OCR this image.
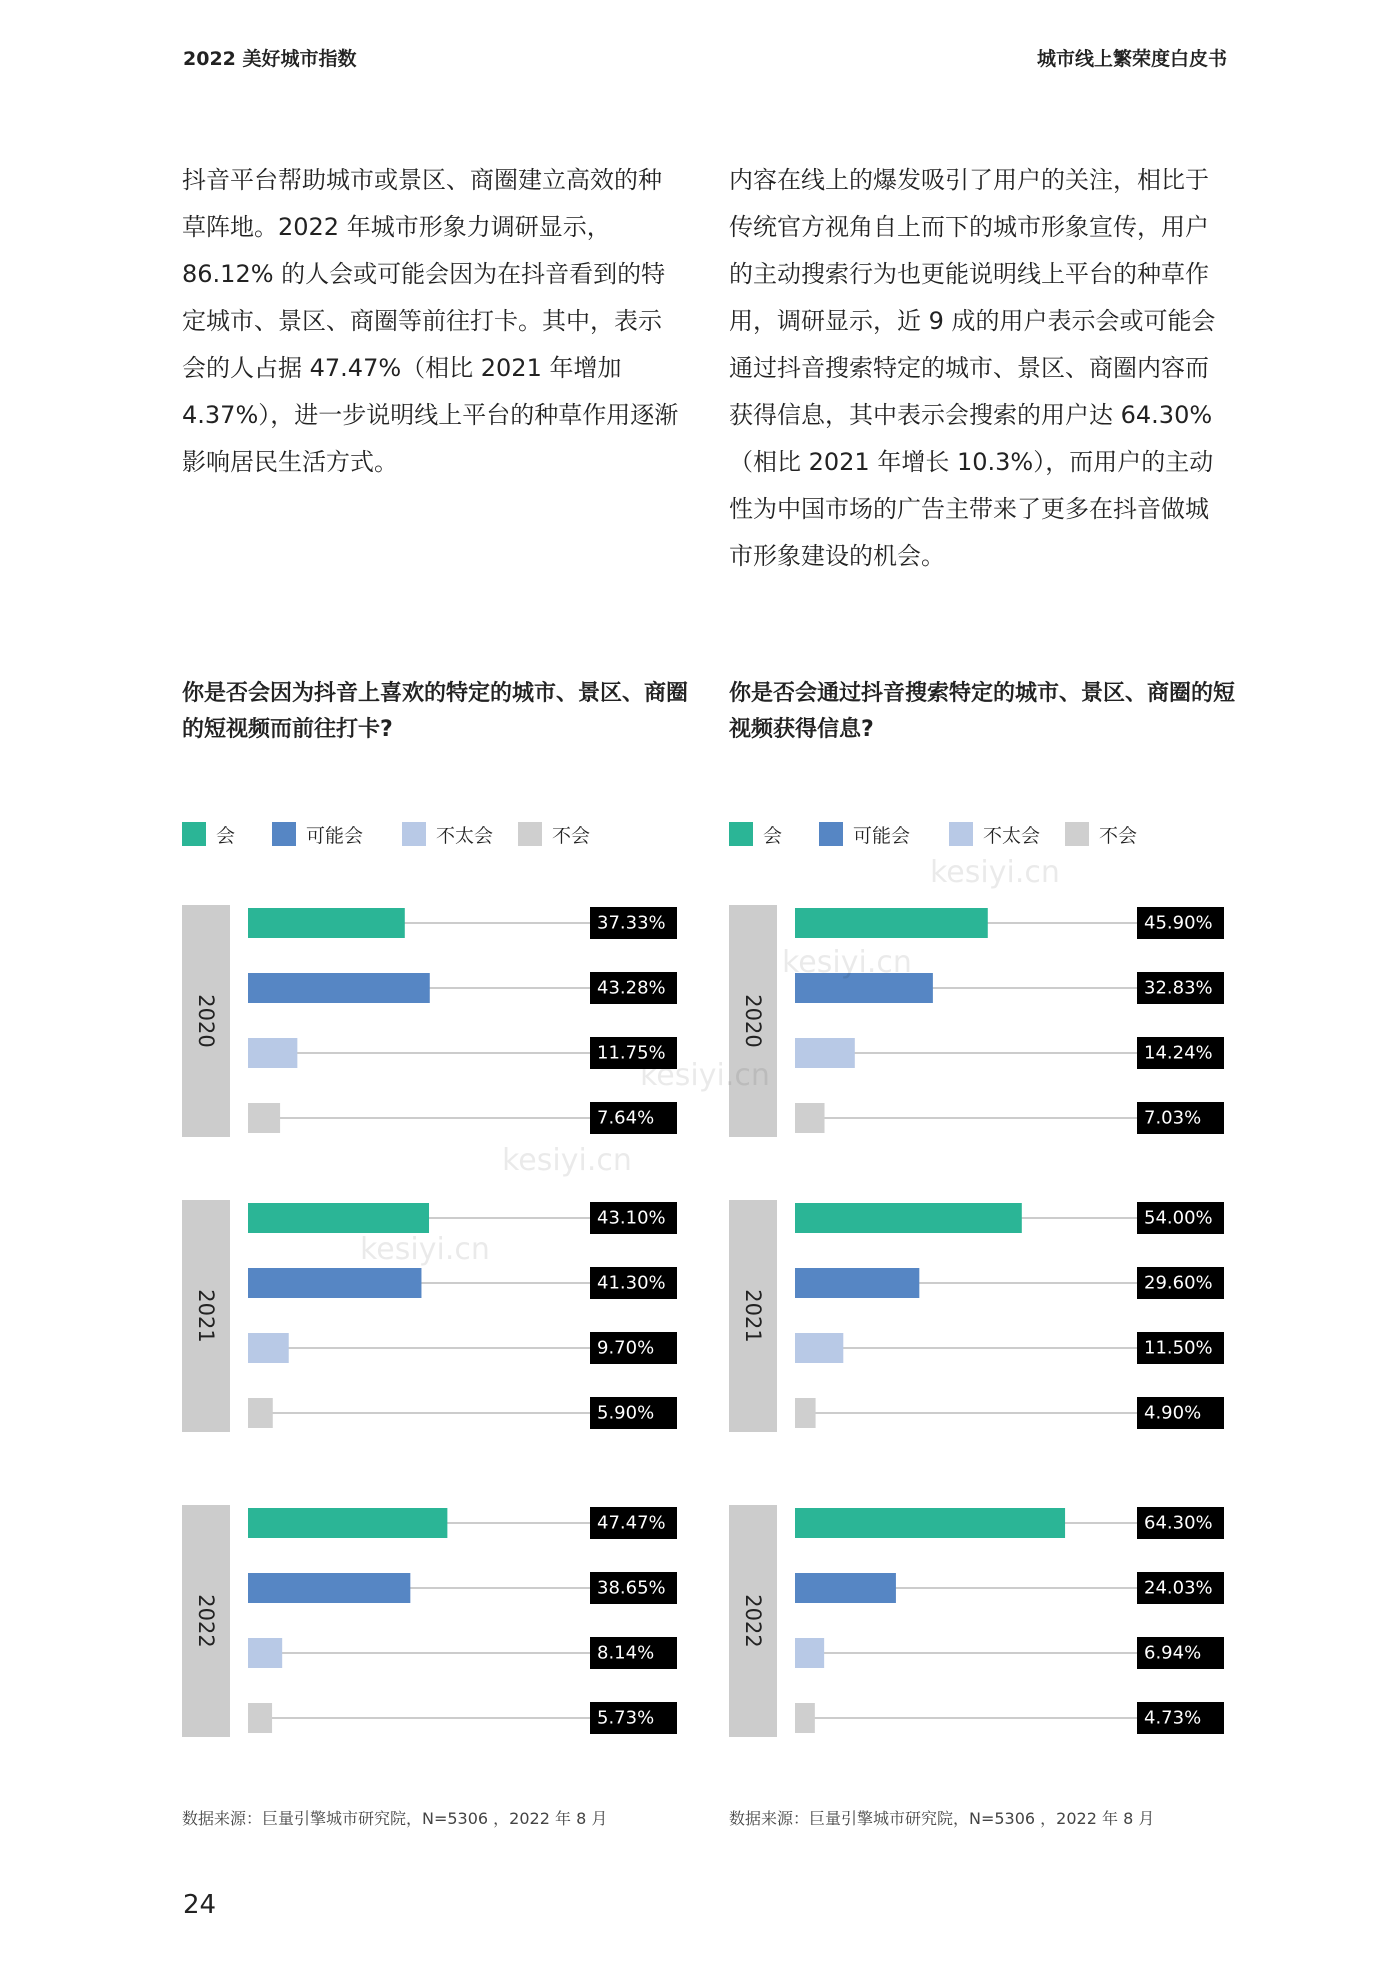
2022 美好城市指数	城市线上繁荣度白皮书

抖音平台帮助城市或景区、商圈建立高效的种草阵地。2022 年城市形象力调研显示，86.12% 的人会或可能会因为在抖音看到的特定城市、景区、商圈等前往打卡。其中，表示会的人占据 47.47%（相比 2021 年增加 4.37%），进一步说明线上平台的种草作用逐渐影响居民生活方式。

内容在线上的爆发吸引了用户的关注，相比于传统官方视角自上而下的城市形象宣传，用户的主动搜索行为也更能说明线上平台的种草作用，调研显示，近 9 成的用户表示会或可能会通过抖音搜索特定的城市、景区、商圈内容而获得信息，其中表示会搜索的用户达 64.30%（相比 2021 年增长 10.3%），而用户的主动性为中国市场的广告主带来了更多在抖音做城市形象建设的机会。

你是否会因为抖音上喜欢的特定的城市、景区、商圈的短视频而前往打卡?

你是否会通过抖音搜索特定的城市、景区、商圈的短视频获得信息?

会	可能会	不太会	不会	会	可能会	不太会	不会
2020
37.33%
43.28%
11.75%
7.64%
2021
43.10%
41.30%
9.70%
5.90%
2022
47.47%
38.65%
8.14%
5.73%
2020
45.90%
32.83%
14.24%
7.03%
2021
54.00%
29.60%
11.50%
4.90%
2022
64.30%
24.03%
6.94%
4.73%
数据来源：巨量引擎城市研究院，N=5306 ，2022 年 8 月	数据来源：巨量引擎城市研究院，N=5306 ，2022 年 8 月
kesiyi.cn
kesiyi.cn
kesiyi.cn
kesiyi.cn
kesiyi.cn
24
